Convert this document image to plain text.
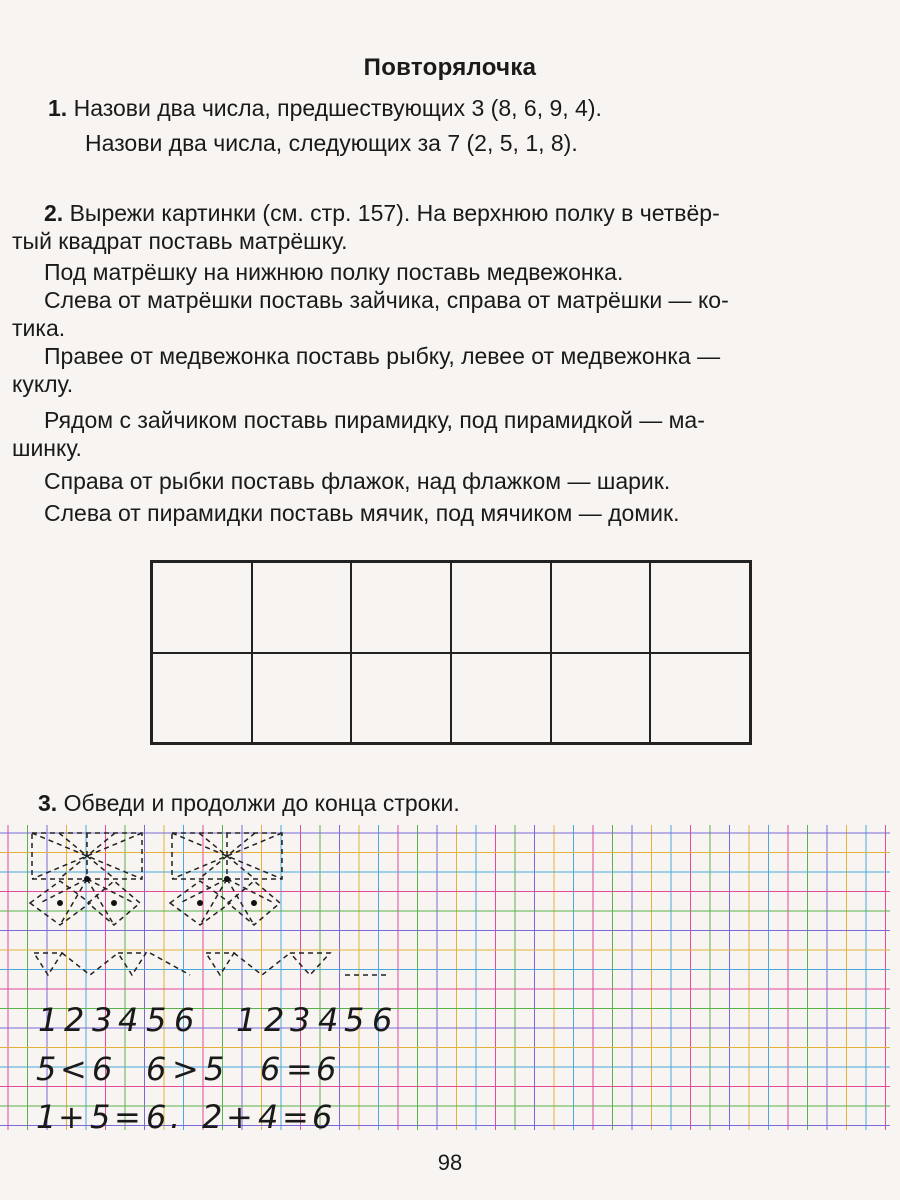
Повторялочка
1. Назови два числа, предшествующих 3 (8, 6, 9, 4).
Назови два числа, следующих за 7 (2, 5, 1, 8).
2. Вырежи картинки (см. стр. 157). На верхнюю полку в четвёр-
тый квадрат поставь матрёшку.
Под матрёшку на нижнюю полку поставь медвежонка.
Слева от матрёшки поставь зайчика, справа от матрёшки — ко-
тика.
Правее от медвежонка поставь рыбку, левее от медвежонка —
куклу.
Рядом с зайчиком поставь пирамидку, под пирамидкой — ма-
шинку.
Справа от рыбки поставь флажок, над флажком — шарик.
Слева от пирамидки поставь мячик, под мячиком — домик.
3. Обведи и продолжи до конца строки.
1 2 3 4 5 6 1 2 3 4 5 6
5 < 6 6 > 5 6 = 6
1 + 5 = 6 . 2 + 4 = 6
98
